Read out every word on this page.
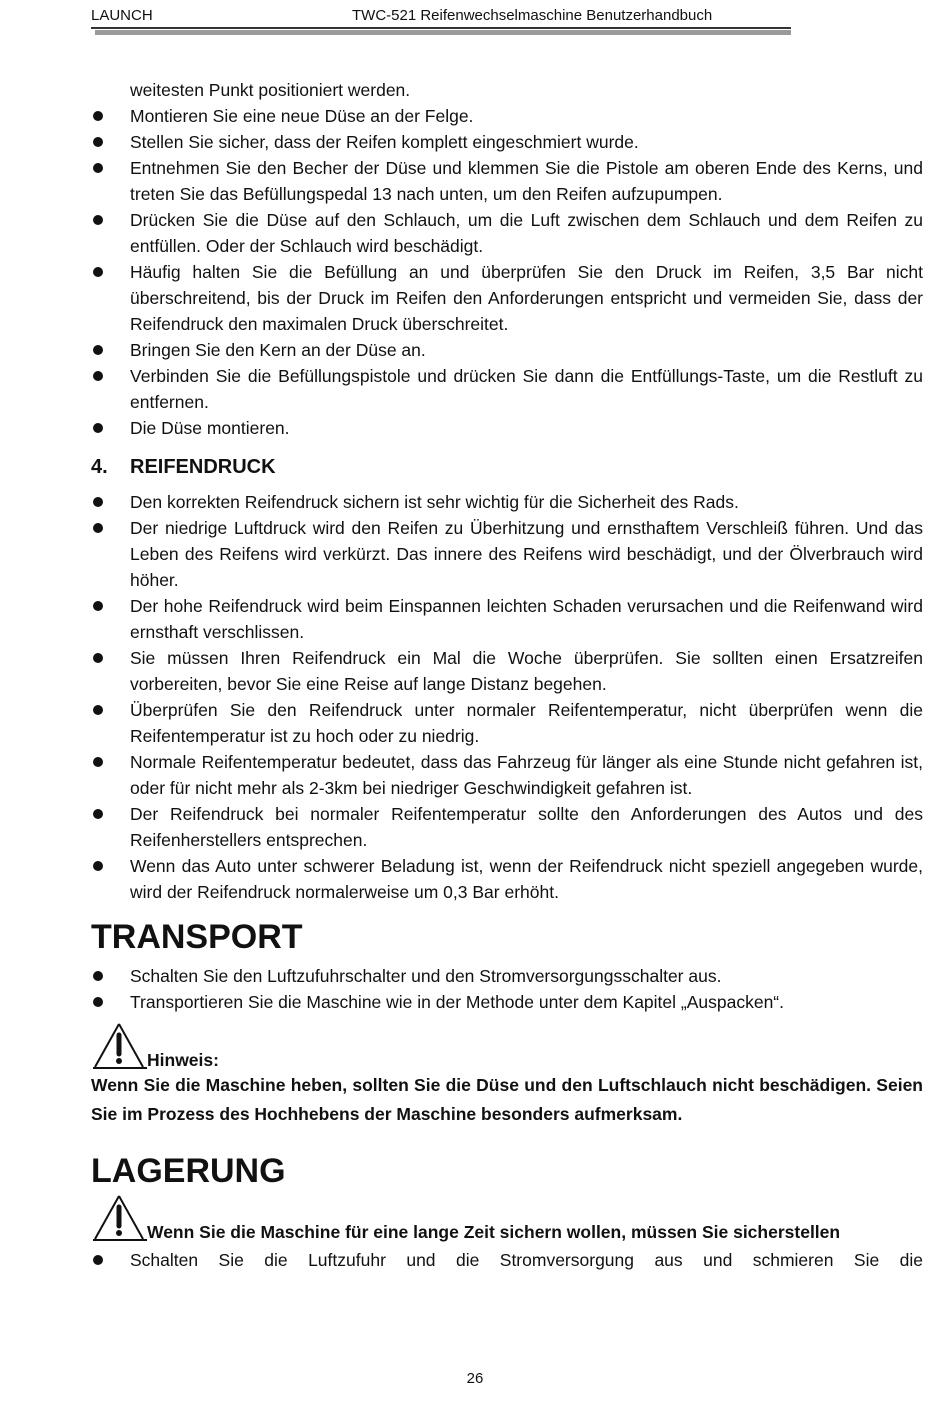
LAUNCH	TWC-521 Reifenwechselmaschine Benutzerhandbuch
weitesten Punkt positioniert werden.
Montieren Sie eine neue Düse an der Felge.
Stellen Sie sicher, dass der Reifen komplett eingeschmiert wurde.
Entnehmen Sie den Becher der Düse und klemmen Sie die Pistole am oberen Ende des Kerns, und treten Sie das Befüllungspedal 13 nach unten, um den Reifen aufzupumpen.
Drücken Sie die Düse auf den Schlauch, um die Luft zwischen dem Schlauch und dem Reifen zu entfüllen. Oder der Schlauch wird beschädigt.
Häufig halten Sie die Befüllung an und überprüfen Sie den Druck im Reifen, 3,5 Bar nicht überschreitend, bis der Druck im Reifen den Anforderungen entspricht und vermeiden Sie, dass der Reifendruck den maximalen Druck überschreitet.
Bringen Sie den Kern an der Düse an.
Verbinden Sie die Befüllungspistole und drücken Sie dann die Entfüllungs-Taste, um die Restluft zu entfernen.
Die Düse montieren.
4.	REIFENDRUCK
Den korrekten Reifendruck sichern ist sehr wichtig für die Sicherheit des Rads.
Der niedrige Luftdruck wird den Reifen zu Überhitzung und ernsthaftem Verschleiß führen. Und das Leben des Reifens wird verkürzt. Das innere des Reifens wird beschädigt, und der Ölverbrauch wird höher.
Der hohe Reifendruck wird beim Einspannen leichten Schaden verursachen und die Reifenwand wird ernsthaft verschlissen.
Sie müssen Ihren Reifendruck ein Mal die Woche überprüfen. Sie sollten einen Ersatzreifen vorbereiten, bevor Sie eine Reise auf lange Distanz begehen.
Überprüfen Sie den Reifendruck unter normaler Reifentemperatur, nicht überprüfen wenn die Reifentemperatur ist zu hoch oder zu niedrig.
Normale Reifentemperatur bedeutet, dass das Fahrzeug für länger als eine Stunde nicht gefahren ist, oder für nicht mehr als 2-3km bei niedriger Geschwindigkeit gefahren ist.
Der Reifendruck bei normaler Reifentemperatur sollte den Anforderungen des Autos und des Reifenherstellers entsprechen.
Wenn das Auto unter schwerer Beladung ist, wenn der Reifendruck nicht speziell angegeben wurde, wird der Reifendruck normalerweise um 0,3 Bar erhöht.
TRANSPORT
Schalten Sie den Luftzufuhrschalter und den Stromversorgungsschalter aus.
Transportieren Sie die Maschine wie in der Methode unter dem Kapitel „Auspacken“.
Hinweis:
Wenn Sie die Maschine heben, sollten Sie die Düse und den Luftschlauch nicht beschädigen. Seien Sie im Prozess des Hochhebens der Maschine besonders aufmerksam.
LAGERUNG
Wenn Sie die Maschine für eine lange Zeit sichern wollen, müssen Sie sicherstellen
Schalten Sie die Luftzufuhr und die Stromversorgung aus und schmieren Sie die
26
